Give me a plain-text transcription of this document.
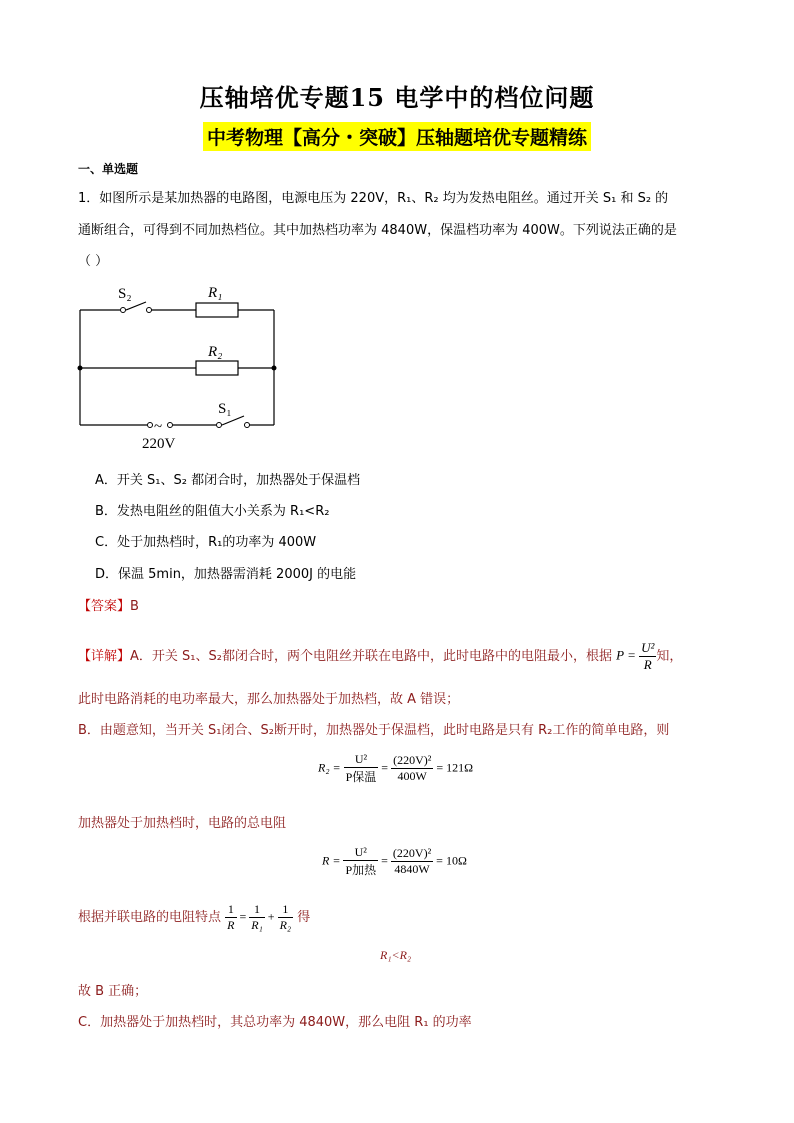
压轴培优专题15 电学中的档位问题
中考物理【高分・突破】压轴题培优专题精练
一、单选题
1．如图所示是某加热器的电路图，电源电压为 220V，R₁、R₂ 均为发热电阻丝。通过开关 S₁ 和 S₂ 的
通断组合，可得到不同加热档位。其中加热档功率为 4840W，保温档功率为 400W。下列说法正确的是
（ ）
S₂	R₁
R₂
S₁
~
220V
A．开关 S₁、S₂ 都闭合时，加热器处于保温档
B．发热电阻丝的阻值大小关系为 R₁<R₂
C．处于加热档时，R₁的功率为 400W
D．保温 5min，加热器需消耗 2000J 的电能
【答案】B
【详解】A．开关 S₁、S₂都闭合时，两个电阻丝并联在电路中，此时电路中的电阻最小，根据 $P = \frac{\text{U²}}{R}$ 知，
此时电路消耗的电功率最大，那么加热器处于加热档，故 A 错误；
B．由题意知，当开关 S₁闭合、S₂断开时，加热器处于保温档，此时电路是只有 R₂工作的简单电路，则
$R_2 = \frac{\text{U²}}{\text{P保温}} = \frac{\text{(220V)²}}{400W} = 121\Omega$
加热器处于加热档时，电路的总电阻
$R = \frac{\text{U²}}{\text{P加热}} = \frac{\text{(220V)²}}{4840W} = 10\Omega$
根据并联电路的电阻特点 $\frac{1}{R} = \frac{1}{\text{R₁}} + \frac{1}{\text{R₂}}$ 得
R₁<R₂
故 B 正确；
C．加热器处于加热档时，其总功率为 4840W，那么电阻 R₁ 的功率
